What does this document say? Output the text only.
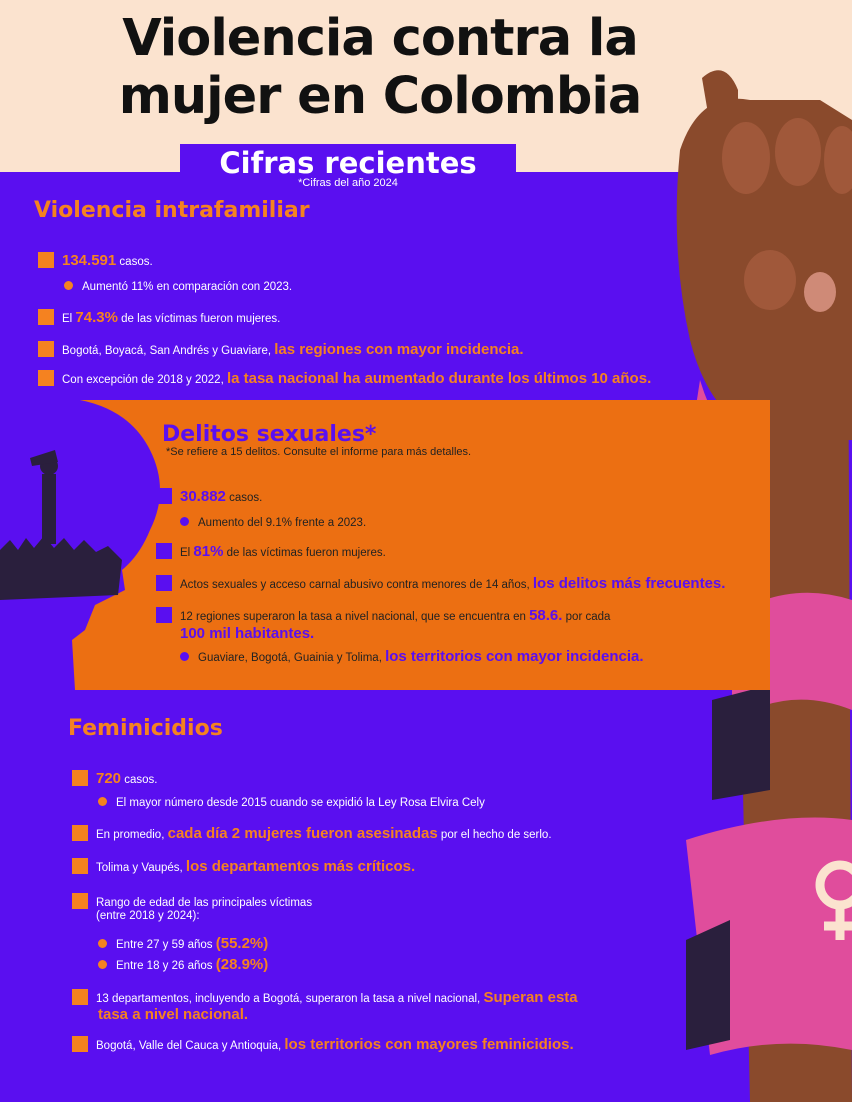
Violencia contra la
mujer en Colombia
Cifras recientes
*Cifras del año 2024
Violencia intrafamiliar
134.591 casos.
Aumentó 11% en comparación con 2023.
El 74.3% de las víctimas fueron mujeres.
Bogotá, Boyacá, San Andrés y Guaviare, las regiones con mayor incidencia.
Con excepción de 2018 y 2022, la tasa nacional ha aumentado durante los últimos 10 años.
Delitos sexuales*
*Se refiere a 15 delitos. Consulte el informe para más detalles.
30.882 casos.
Aumento del 9.1% frente a 2023.
El 81% de las víctimas fueron mujeres.
Actos sexuales y acceso carnal abusivo contra menores de 14 años, los delitos más frecuentes.
12 regiones superaron la tasa a nivel nacional, que se encuentra en 58.6. por cada
100 mil habitantes.
Guaviare, Bogotá, Guainia y Tolima, los territorios con mayor incidencia.
Feminicidios
720 casos.
El mayor número desde 2015 cuando se expidió la Ley Rosa Elvira Cely
En promedio, cada día 2 mujeres fueron asesinadas por el hecho de serlo.
Tolima y Vaupés, los departamentos más críticos.
Rango de edad de las principales víctimas
(entre 2018 y 2024):
Entre 27 y 59 años (55.2%)
Entre 18 y 26 años (28.9%)
13 departamentos, incluyendo a Bogotá, superaron la tasa a nivel nacional, Superan esta
tasa a nivel nacional.
Bogotá, Valle del Cauca y Antioquia, los territorios con mayores feminicidios.
